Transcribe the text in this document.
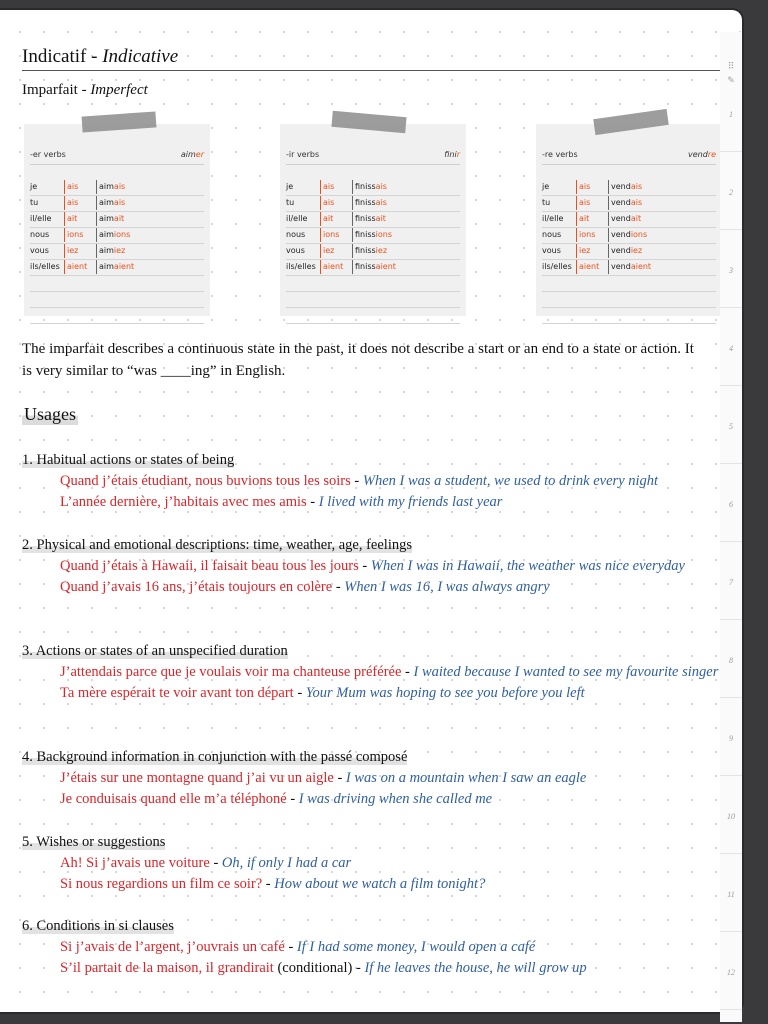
Indicatif - Indicative
Imparfait - Imperfect
-er verbs	aimer
je	ais	aimais
tu	ais	aimais
il/elle	ait	aimait
nous	ions	aimions
vous	iez	aimiez
ils/elles aient	aimaient
-ir verbs	finir
je	ais	finissais
tu	ais	finissais
il/elle	ait	finissait
nous	ions	finissions
vous	iez	finissiez
ils/elles aient	finissaient
-re verbs	vendre
je	ais	vendais
tu	ais	vendais
il/elle	ait	vendait
nous	ions	vendions
vous	iez	vendiez
ils/elles aient	vendaient
The imparfait describes a continuous state in the past, it does not describe a start or an end to a state or action. It is very similar to “was ____ing” in English.
Usages
1. Habitual actions or states of being
Quand j’étais étudiant, nous buvions tous les soirs - When I was a student, we used to drink every night
L’année dernière, j’habitais avec mes amis - I lived with my friends last year
2. Physical and emotional descriptions: time, weather, age, feelings
Quand j’étais à Hawaii, il faisait beau tous les jours - When I was in Hawaii, the weather was nice everyday
Quand j’avais 16 ans, j’étais toujours en colère - When I was 16, I was always angry
3. Actions or states of an unspecified duration
J’attendais parce que je voulais voir ma chanteuse préférée - I waited because I wanted to see my favourite singer
Ta mère espérait te voir avant ton départ - Your Mum was hoping to see you before you left
4. Background information in conjunction with the passé composé
J’étais sur une montagne quand j’ai vu un aigle - I was on a mountain when I saw an eagle
Je conduisais quand elle m’a téléphoné - I was driving when she called me
5. Wishes or suggestions
Ah! Si j’avais une voiture - Oh, if only I had a car
Si nous regardions un film ce soir? - How about we watch a film tonight?
6. Conditions in si clauses
Si j’avais de l’argent, j’ouvrais un café - If I had some money, I would open a café
S’il partait de la maison, il grandirait (conditional) - If he leaves the house, he will grow up
⠿
✎
1
2
3
4
5
6
7
8
9
10
11
12
